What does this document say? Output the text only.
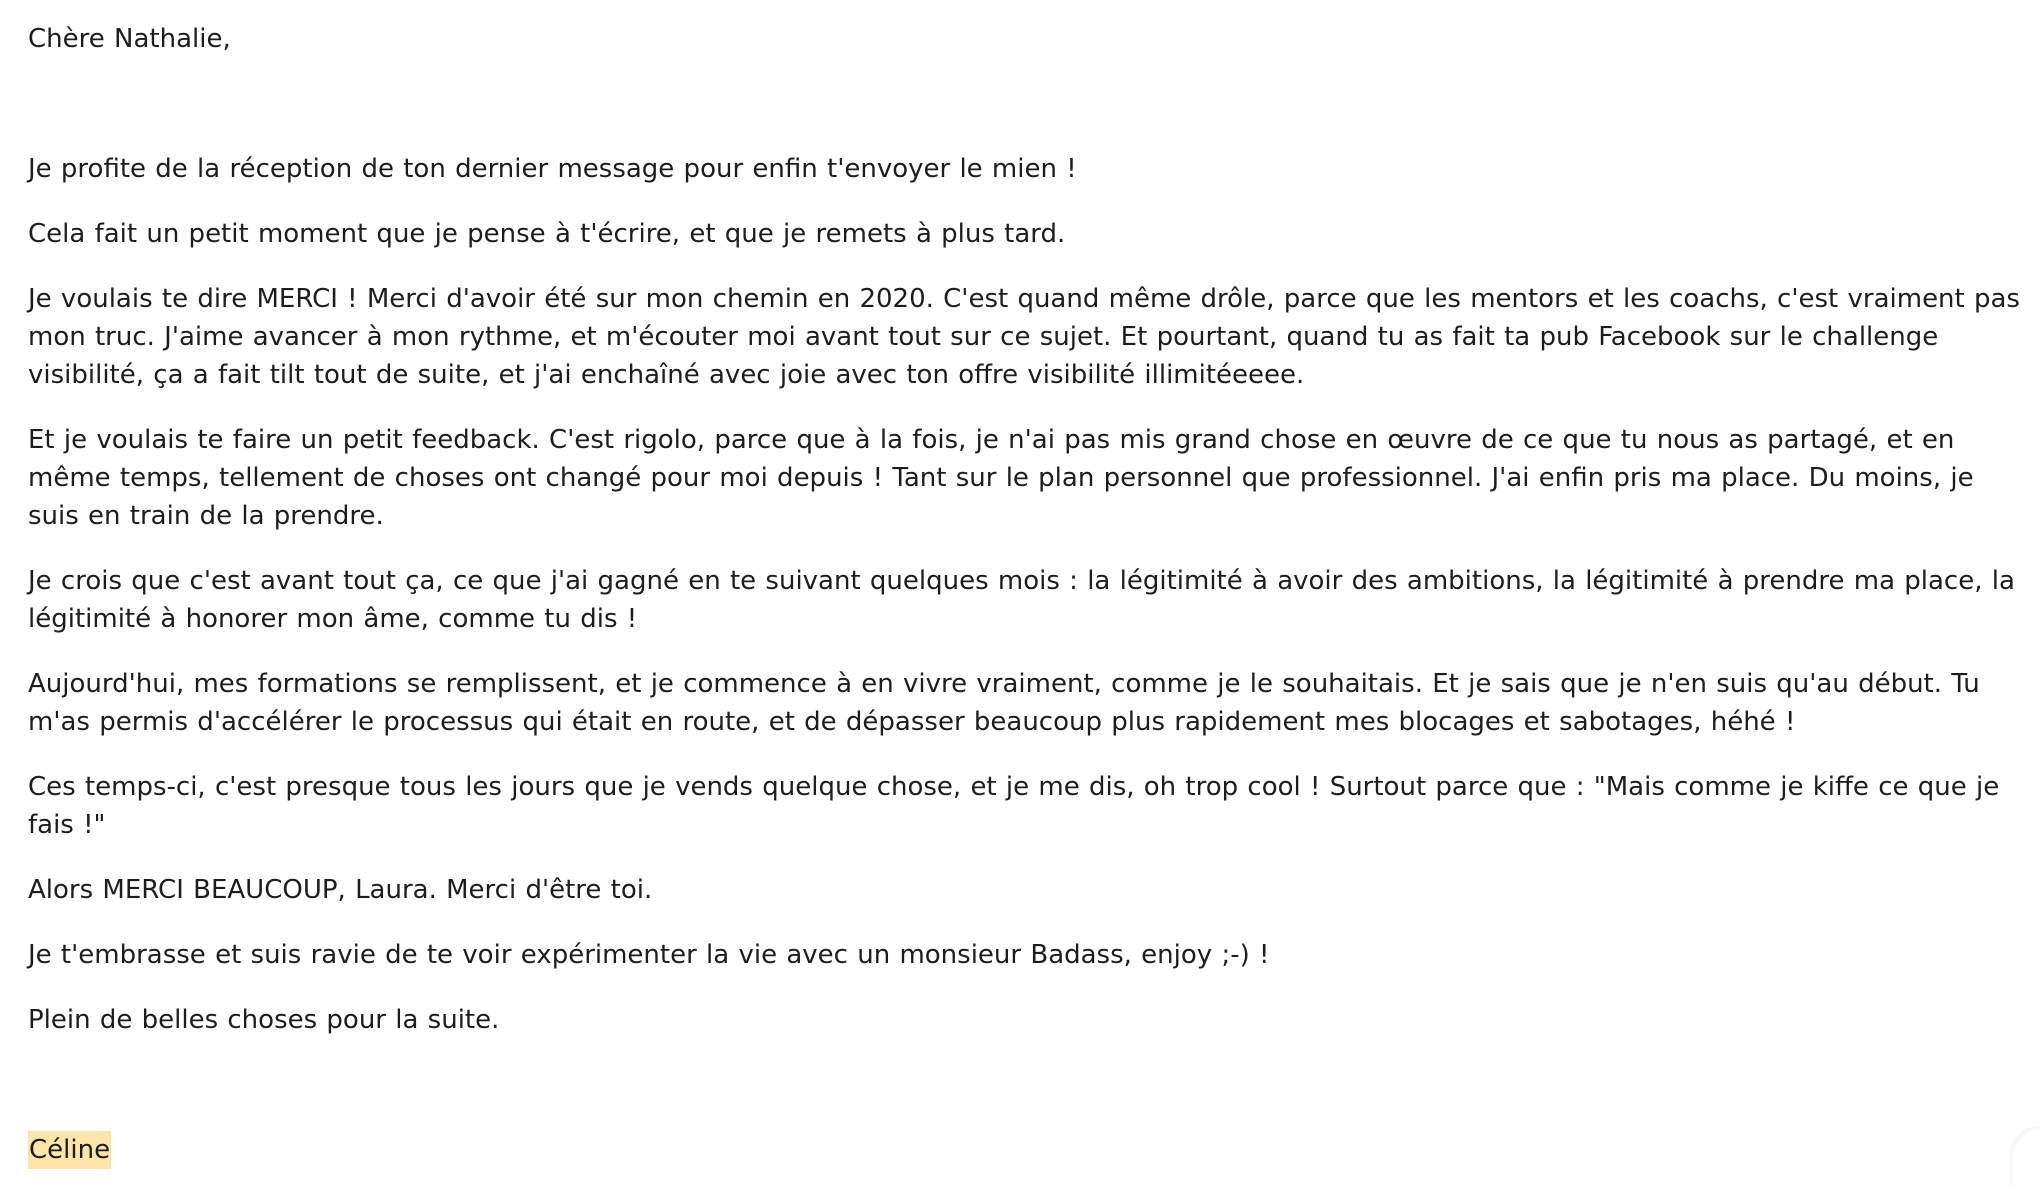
Chère Nathalie,

Je profite de la réception de ton dernier message pour enfin t'envoyer le mien !

Cela fait un petit moment que je pense à t'écrire, et que je remets à plus tard.

Je voulais te dire MERCI ! Merci d'avoir été sur mon chemin en 2020. C'est quand même drôle, parce que les mentors et les coachs, c'est vraiment pas mon truc. J'aime avancer à mon rythme, et m'écouter moi avant tout sur ce sujet. Et pourtant, quand tu as fait ta pub Facebook sur le challenge visibilité, ça a fait tilt tout de suite, et j'ai enchaîné avec joie avec ton offre visibilité illimitéeeee.

Et je voulais te faire un petit feedback. C'est rigolo, parce que à la fois, je n'ai pas mis grand chose en œuvre de ce que tu nous as partagé, et en même temps, tellement de choses ont changé pour moi depuis ! Tant sur le plan personnel que professionnel. J'ai enfin pris ma place. Du moins, je suis en train de la prendre.

Je crois que c'est avant tout ça, ce que j'ai gagné en te suivant quelques mois : la légitimité à avoir des ambitions, la légitimité à prendre ma place, la légitimité à honorer mon âme, comme tu dis !

Aujourd'hui, mes formations se remplissent, et je commence à en vivre vraiment, comme je le souhaitais. Et je sais que je n'en suis qu'au début. Tu m'as permis d'accélérer le processus qui était en route, et de dépasser beaucoup plus rapidement mes blocages et sabotages, héhé !

Ces temps-ci, c'est presque tous les jours que je vends quelque chose, et je me dis, oh trop cool ! Surtout parce que : "Mais comme je kiffe ce que je fais !"

Alors MERCI BEAUCOUP, Laura. Merci d'être toi.

Je t'embrasse et suis ravie de te voir expérimenter la vie avec un monsieur Badass, enjoy ;-) !

Plein de belles choses pour la suite.

Céline
